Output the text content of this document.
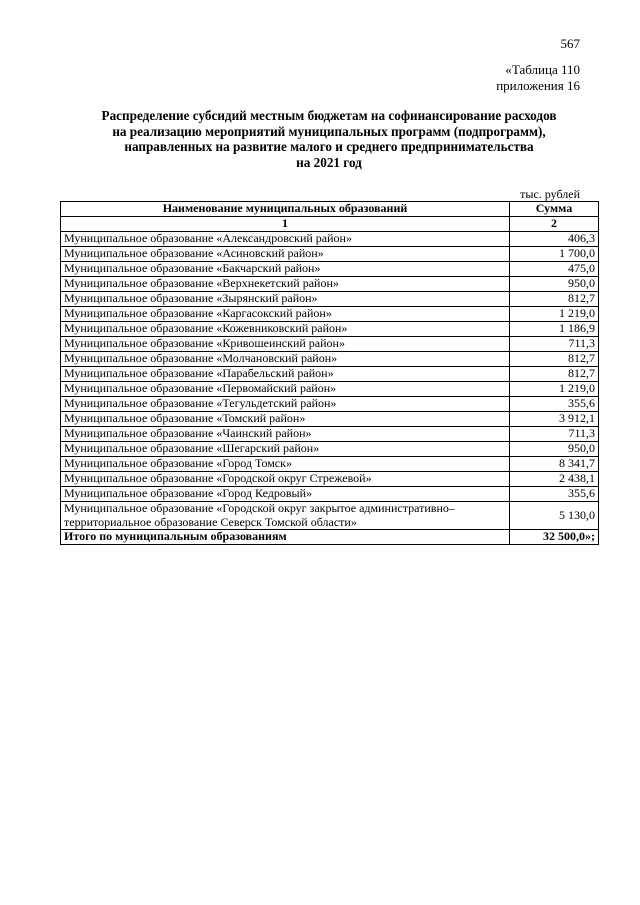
567
«Таблица 110
приложения 16
Распределение субсидий местным бюджетам на софинансирование расходов
на реализацию мероприятий муниципальных программ (подпрограмм),
направленных на развитие малого и среднего предпринимательства
на 2021 год
тыс. рублей
Наименование муниципальных образований	Сумма
1	2
Муниципальное образование «Александровский район»	406,3
Муниципальное образование «Асиновский район»	1 700,0
Муниципальное образование «Бакчарский район»	475,0
Муниципальное образование «Верхнекетский район»	950,0
Муниципальное образование «Зырянский район»	812,7
Муниципальное образование «Каргасокский район»	1 219,0
Муниципальное образование «Кожевниковский район»	1 186,9
Муниципальное образование «Кривошеинский район»	711,3
Муниципальное образование «Молчановский район»	812,7
Муниципальное образование «Парабельский район»	812,7
Муниципальное образование «Первомайский район»	1 219,0
Муниципальное образование «Тегульдетский район»	355,6
Муниципальное образование «Томский район»	3 912,1
Муниципальное образование «Чаинский район»	711,3
Муниципальное образование «Шегарский район»	950,0
Муниципальное образование «Город Томск»	8 341,7
Муниципальное образование «Городской округ Стрежевой»	2 438,1
Муниципальное образование «Город Кедровый»	355,6
Муниципальное образование «Городской округ закрытое административно–территориальное образование Северск Томской области»	5 130,0
Итого по муниципальным образованиям	32 500,0»;
